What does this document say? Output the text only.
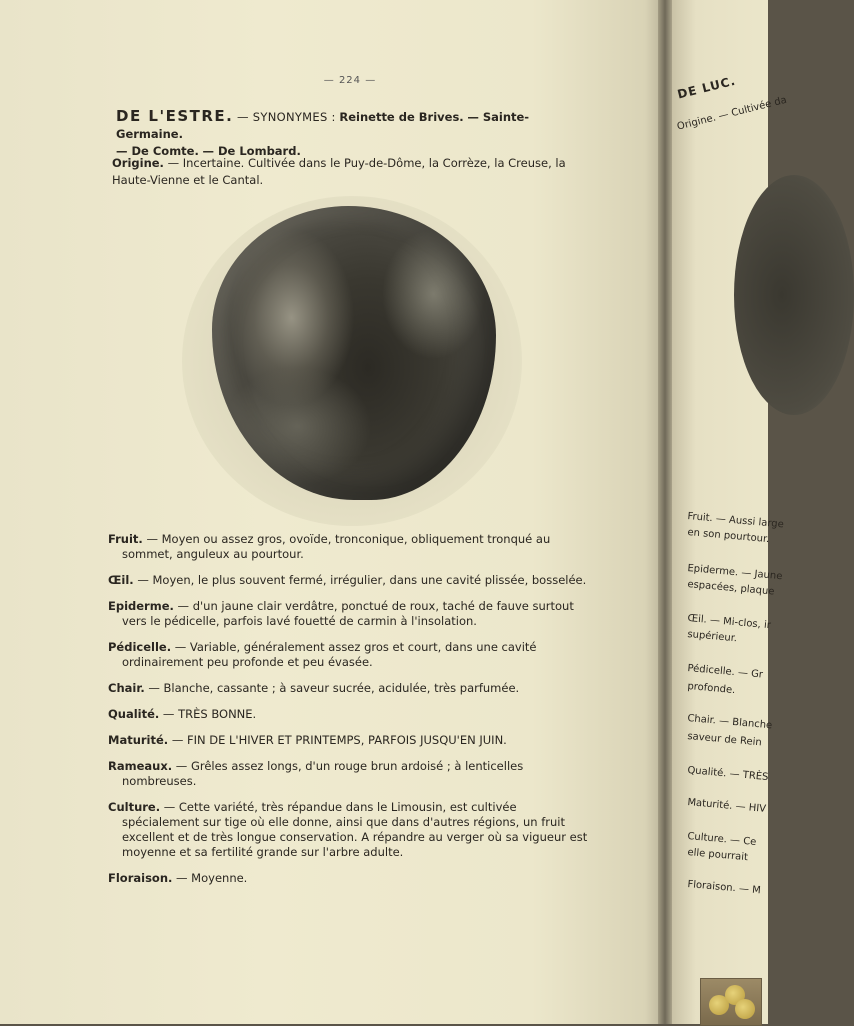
— 224 —
DE L'ESTRE. — SYNONYMES : Reinette de Brives. — Sainte-Germaine.
— De Comte. — De Lombard.
Origine. — Incertaine. Cultivée dans le Puy-de-Dôme, la Corrèze, la Creuse, la Haute-Vienne et le Cantal.

Fruit. — Moyen ou assez gros, ovoïde, tronconique, obliquement tronqué au sommet, anguleux au pourtour.

Œil. — Moyen, le plus souvent fermé, irrégulier, dans une cavité plissée, bosselée.

Epiderme. — d'un jaune clair verdâtre, ponctué de roux, taché de fauve surtout vers le pédicelle, parfois lavé fouetté de carmin à l'insolation.

Pédicelle. — Variable, généralement assez gros et court, dans une cavité ordinairement peu profonde et peu évasée.

Chair. — Blanche, cassante ; à saveur sucrée, acidulée, très parfumée.

Qualité. — TRÈS BONNE.

Maturité. — FIN DE L'HIVER ET PRINTEMPS, PARFOIS JUSQU'EN JUIN.

Rameaux. — Grêles assez longs, d'un rouge brun ardoisé ; à lenticelles nombreuses.

Culture. — Cette variété, très répandue dans le Limousin, est cultivée spécialement sur tige où elle donne, ainsi que dans d'autres régions, un fruit excellent et de très longue conservation. A répandre au verger où sa vigueur est moyenne et sa fertilité grande sur l'arbre adulte.

Floraison. — Moyenne.

DE LUC.
Origine. — Cultivée da
Fruit. — Aussi large
en son pourtour.
Epiderme. — Jaune
espacées, plaque
Œil. — Mi-clos, ir
supérieur.
Pédicelle. — Gr
profonde.
Chair. — Blanche
saveur de Rein
Qualité. — TRÈS
Maturité. — HIV
Culture. — Ce
elle pourrait
Floraison. — M
